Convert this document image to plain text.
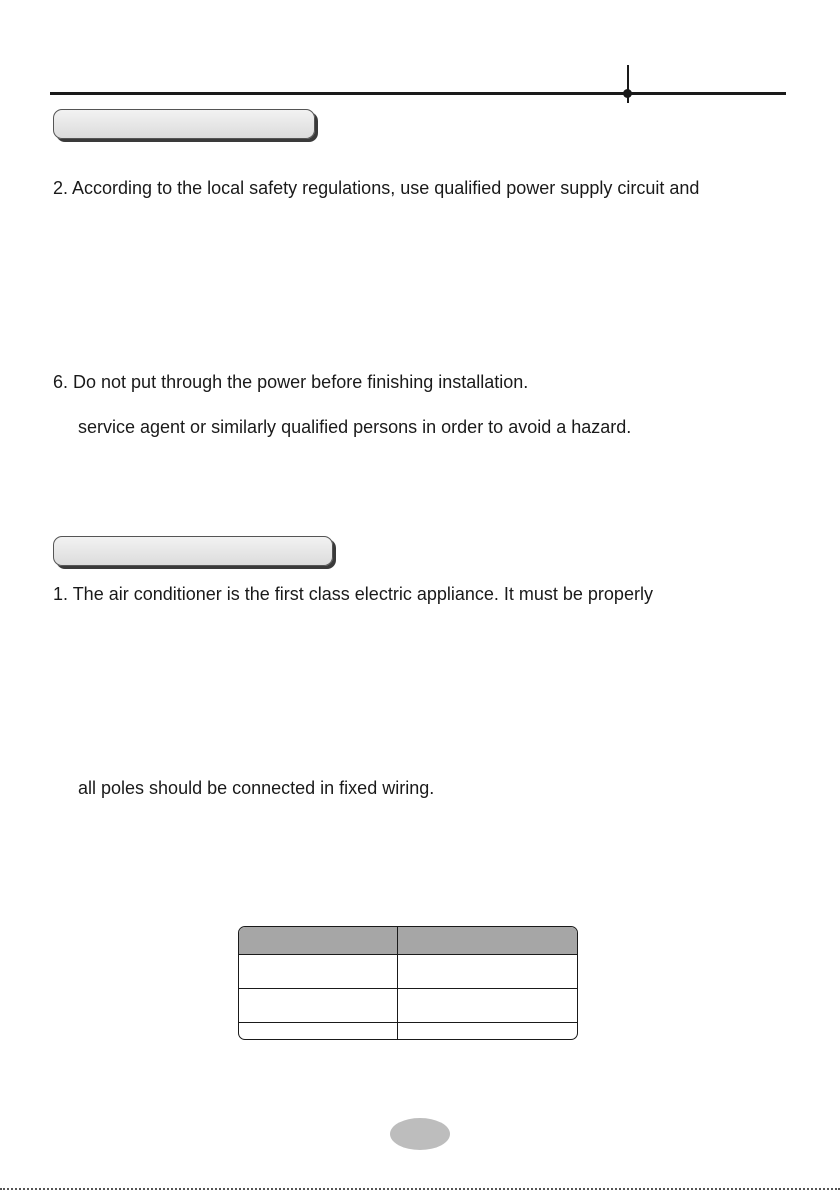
2. According to the local safety regulations, use qualified power supply circuit and
6. Do not put through the power before finishing installation.
service agent or similarly qualified persons in order to avoid a hazard.
1. The air conditioner is the first class electric appliance. It must be properly
all poles should be connected in fixed wiring.
